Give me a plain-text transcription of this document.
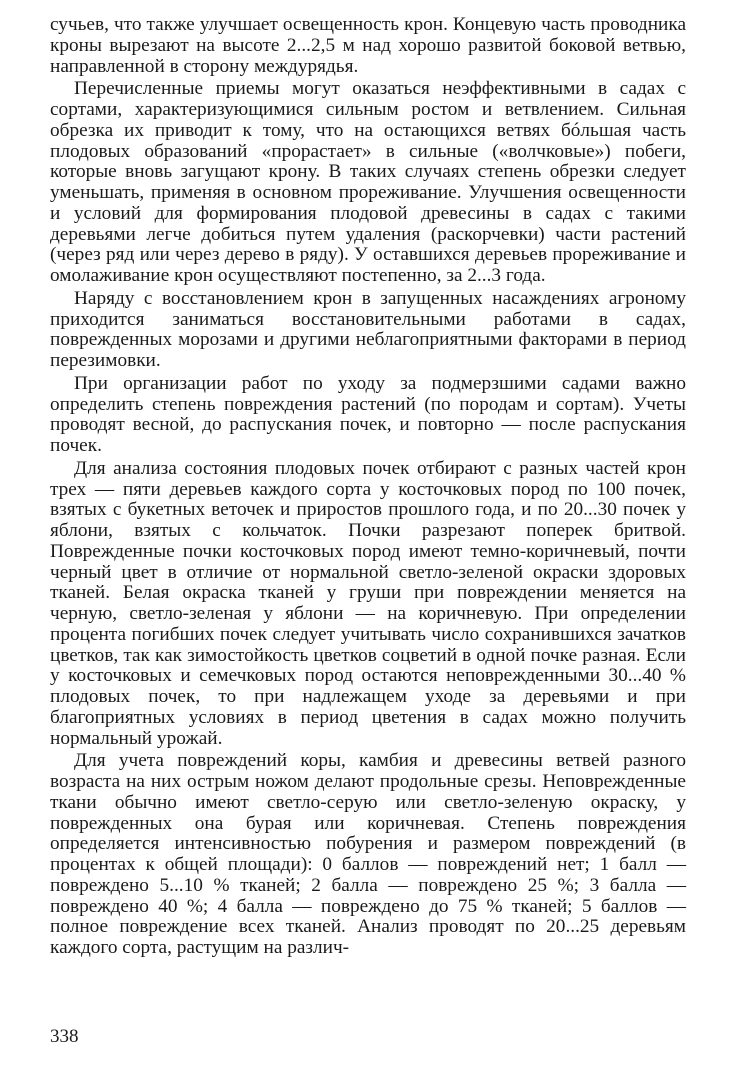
сучьев, что также улучшает освещенность крон. Концевую часть проводника кроны вырезают на высоте 2...2,5 м над хорошо развитой боковой ветвью, направленной в сторону междурядья.

Перечисленные приемы могут оказаться неэффективными в садах с сортами, характеризующимися сильным ростом и ветвлением. Сильная обрезка их приводит к тому, что на остающихся ветвях бóльшая часть плодовых образований «прорастает» в сильные («волчковые») побеги, которые вновь загущают крону. В таких случаях степень обрезки следует уменьшать, применяя в основном прореживание. Улучшения освещенности и условий для формирования плодовой древесины в садах с такими деревьями легче добиться путем удаления (раскорчевки) части растений (через ряд или через дерево в ряду). У оставшихся деревьев прореживание и омолаживание крон осуществляют постепенно, за 2...3 года.

Наряду с восстановлением крон в запущенных насаждениях агроному приходится заниматься восстановительными работами в садах, поврежденных морозами и другими неблагоприятными факторами в период перезимовки.

При организации работ по уходу за подмерзшими садами важно определить степень повреждения растений (по породам и сортам). Учеты проводят весной, до распускания почек, и повторно — после распускания почек.

Для анализа состояния плодовых почек отбирают с разных частей крон трех — пяти деревьев каждого сорта у косточковых пород по 100 почек, взятых с букетных веточек и приростов прошлого года, и по 20...30 почек у яблони, взятых с кольчаток. Почки разрезают поперек бритвой. Поврежденные почки косточковых пород имеют темно-коричневый, почти черный цвет в отличие от нормальной светло-зеленой окраски здоровых тканей. Белая окраска тканей у груши при повреждении меняется на черную, светло-зеленая у яблони — на коричневую. При определении процента погибших почек следует учитывать число сохранившихся зачатков цветков, так как зимостойкость цветков соцветий в одной почке разная. Если у косточковых и семечковых пород остаются неповрежденными 30...40 % плодовых почек, то при надлежащем уходе за деревьями и при благоприятных условиях в период цветения в садах можно получить нормальный урожай.

Для учета повреждений коры, камбия и древесины ветвей разного возраста на них острым ножом делают продольные срезы. Неповрежденные ткани обычно имеют светло-серую или светло-зеленую окраску, у поврежденных она бурая или коричневая. Степень повреждения определяется интенсивностью побурения и размером повреждений (в процентах к общей площади): 0 баллов — повреждений нет; 1 балл — повреждено 5...10 % тканей; 2 балла — повреждено 25 %; 3 балла — повреждено 40 %; 4 балла — повреждено до 75 % тканей; 5 баллов — полное повреждение всех тканей. Анализ проводят по 20...25 деревьям каждого сорта, растущим на различ-

338
